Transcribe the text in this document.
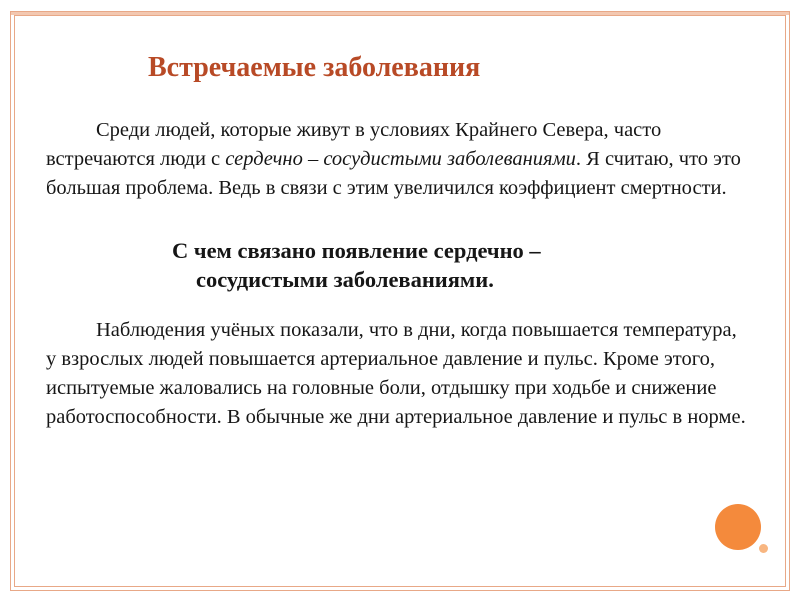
Встречаемые заболевания
Среди людей, которые живут в условиях Крайнего Севера, часто встречаются люди с сердечно – сосудистыми заболеваниями. Я считаю, что это большая проблема. Ведь в связи с этим увеличился коэффициент смертности.
С чем связано появление сердечно –
сосудистыми заболеваниями.
Наблюдения учёных показали, что в дни, когда повышается температура, у взрослых людей повышается артериальное давление и пульс. Кроме этого, испытуемые жаловались на головные боли, отдышку при ходьбе и снижение работоспособности. В обычные же дни артериальное давление и пульс в норме.
